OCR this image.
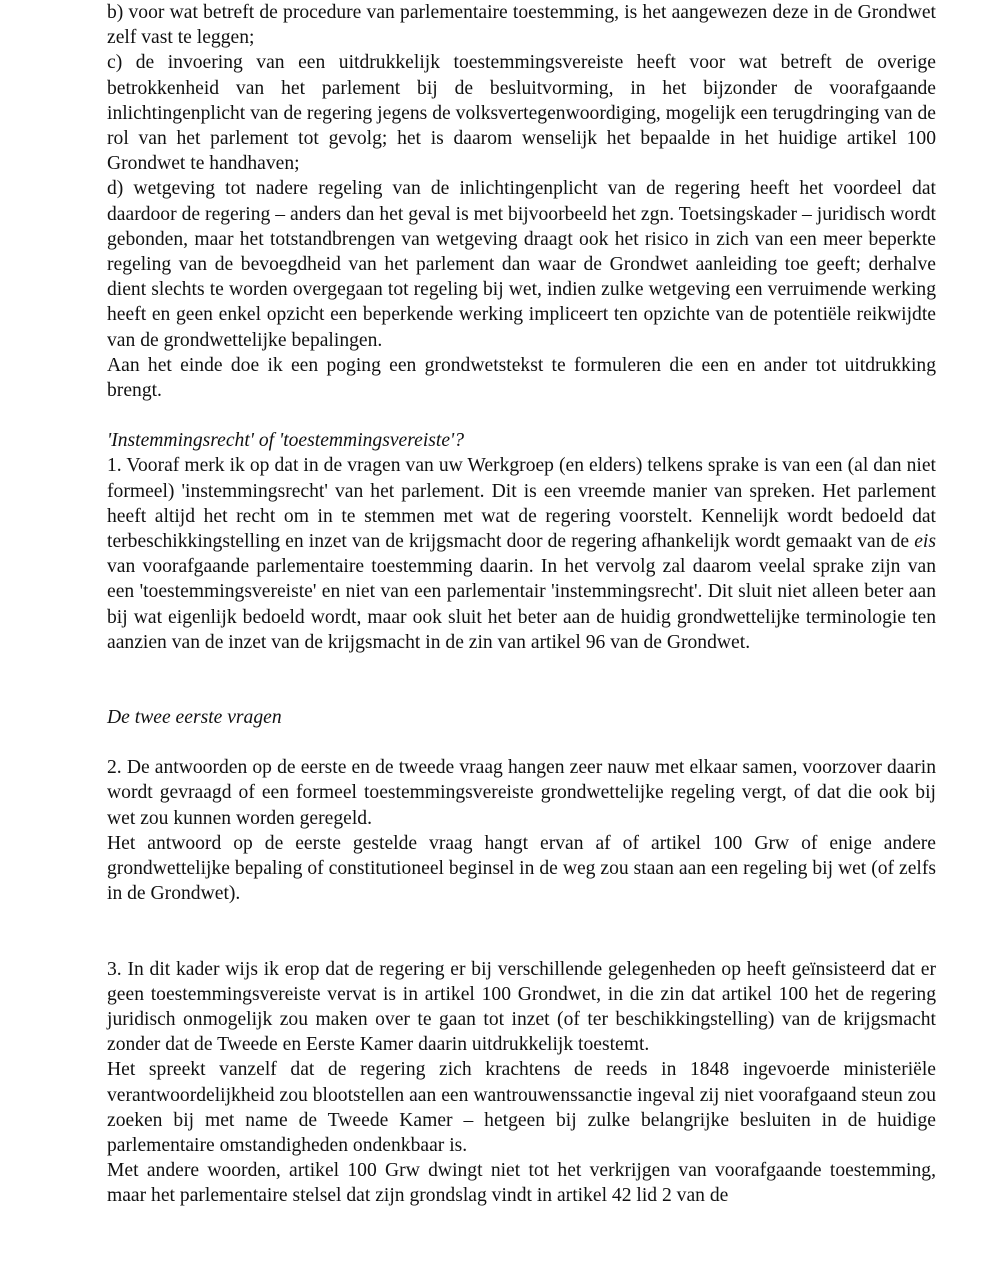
b) voor wat betreft de procedure van parlementaire toestemming, is het aangewezen deze in de Grondwet zelf vast te leggen;

c) de invoering van een uitdrukkelijk toestemmingsvereiste heeft voor wat betreft de overige betrokkenheid van het parlement bij de besluitvorming, in het bijzonder de voorafgaande inlichtingenplicht van de regering jegens de volksvertegenwoordiging, mogelijk een terugdringing van de rol van het parlement tot gevolg; het is daarom wenselijk het bepaalde in het huidige artikel 100 Grondwet te handhaven;

d) wetgeving tot nadere regeling van de inlichtingenplicht van de regering heeft het voordeel dat daardoor de regering – anders dan het geval is met bijvoorbeeld het zgn. Toetsingskader – juridisch wordt gebonden, maar het totstandbrengen van wetgeving draagt ook het risico in zich van een meer beperkte regeling van de bevoegdheid van het parlement dan waar de Grondwet aanleiding toe geeft; derhalve dient slechts te worden overgegaan tot regeling bij wet, indien zulke wetgeving een verruimende werking heeft en geen enkel opzicht een beperkende werking impliceert ten opzichte van de potentiële reikwijdte van de grondwettelijke bepalingen.

Aan het einde doe ik een poging een grondwetstekst te formuleren die een en ander tot uitdrukking brengt.

'Instemmingsrecht' of 'toestemmingsvereiste'?

1. Vooraf merk ik op dat in de vragen van uw Werkgroep (en elders) telkens sprake is van een (al dan niet formeel) 'instemmingsrecht' van het parlement. Dit is een vreemde manier van spreken. Het parlement heeft altijd het recht om in te stemmen met wat de regering voorstelt. Kennelijk wordt bedoeld dat terbeschikkingstelling en inzet van de krijgsmacht door de regering afhankelijk wordt gemaakt van de eis van voorafgaande parlementaire toestemming daarin. In het vervolg zal daarom veelal sprake zijn van een 'toestemmingsvereiste' en niet van een parlementair 'instemmingsrecht'. Dit sluit niet alleen beter aan bij wat eigenlijk bedoeld wordt, maar ook sluit het beter aan de huidig grondwettelijke terminologie ten aanzien van de inzet van de krijgsmacht in de zin van artikel 96 van de Grondwet.

De twee eerste vragen

2. De antwoorden op de eerste en de tweede vraag hangen zeer nauw met elkaar samen, voorzover daarin wordt gevraagd of een formeel toestemmingsvereiste grondwettelijke regeling vergt, of dat die ook bij wet zou kunnen worden geregeld.

Het antwoord op de eerste gestelde vraag hangt ervan af of artikel 100 Grw of enige andere grondwettelijke bepaling of constitutioneel beginsel in de weg zou staan aan een regeling bij wet (of zelfs in de Grondwet).

3. In dit kader wijs ik erop dat de regering er bij verschillende gelegenheden op heeft geïnsisteerd dat er geen toestemmingsvereiste vervat is in artikel 100 Grondwet, in die zin dat artikel 100 het de regering juridisch onmogelijk zou maken over te gaan tot inzet (of ter beschikkingstelling) van de krijgsmacht zonder dat de Tweede en Eerste Kamer daarin uitdrukkelijk toestemt.

Het spreekt vanzelf dat de regering zich krachtens de reeds in 1848 ingevoerde ministeriële verantwoordelijkheid zou blootstellen aan een wantrouwenssanctie ingeval zij niet voorafgaand steun zou zoeken bij met name de Tweede Kamer – hetgeen bij zulke belangrijke besluiten in de huidige parlementaire omstandigheden ondenkbaar is.

Met andere woorden, artikel 100 Grw dwingt niet tot het verkrijgen van voorafgaande toestemming, maar het parlementaire stelsel dat zijn grondslag vindt in artikel 42 lid 2 van de
